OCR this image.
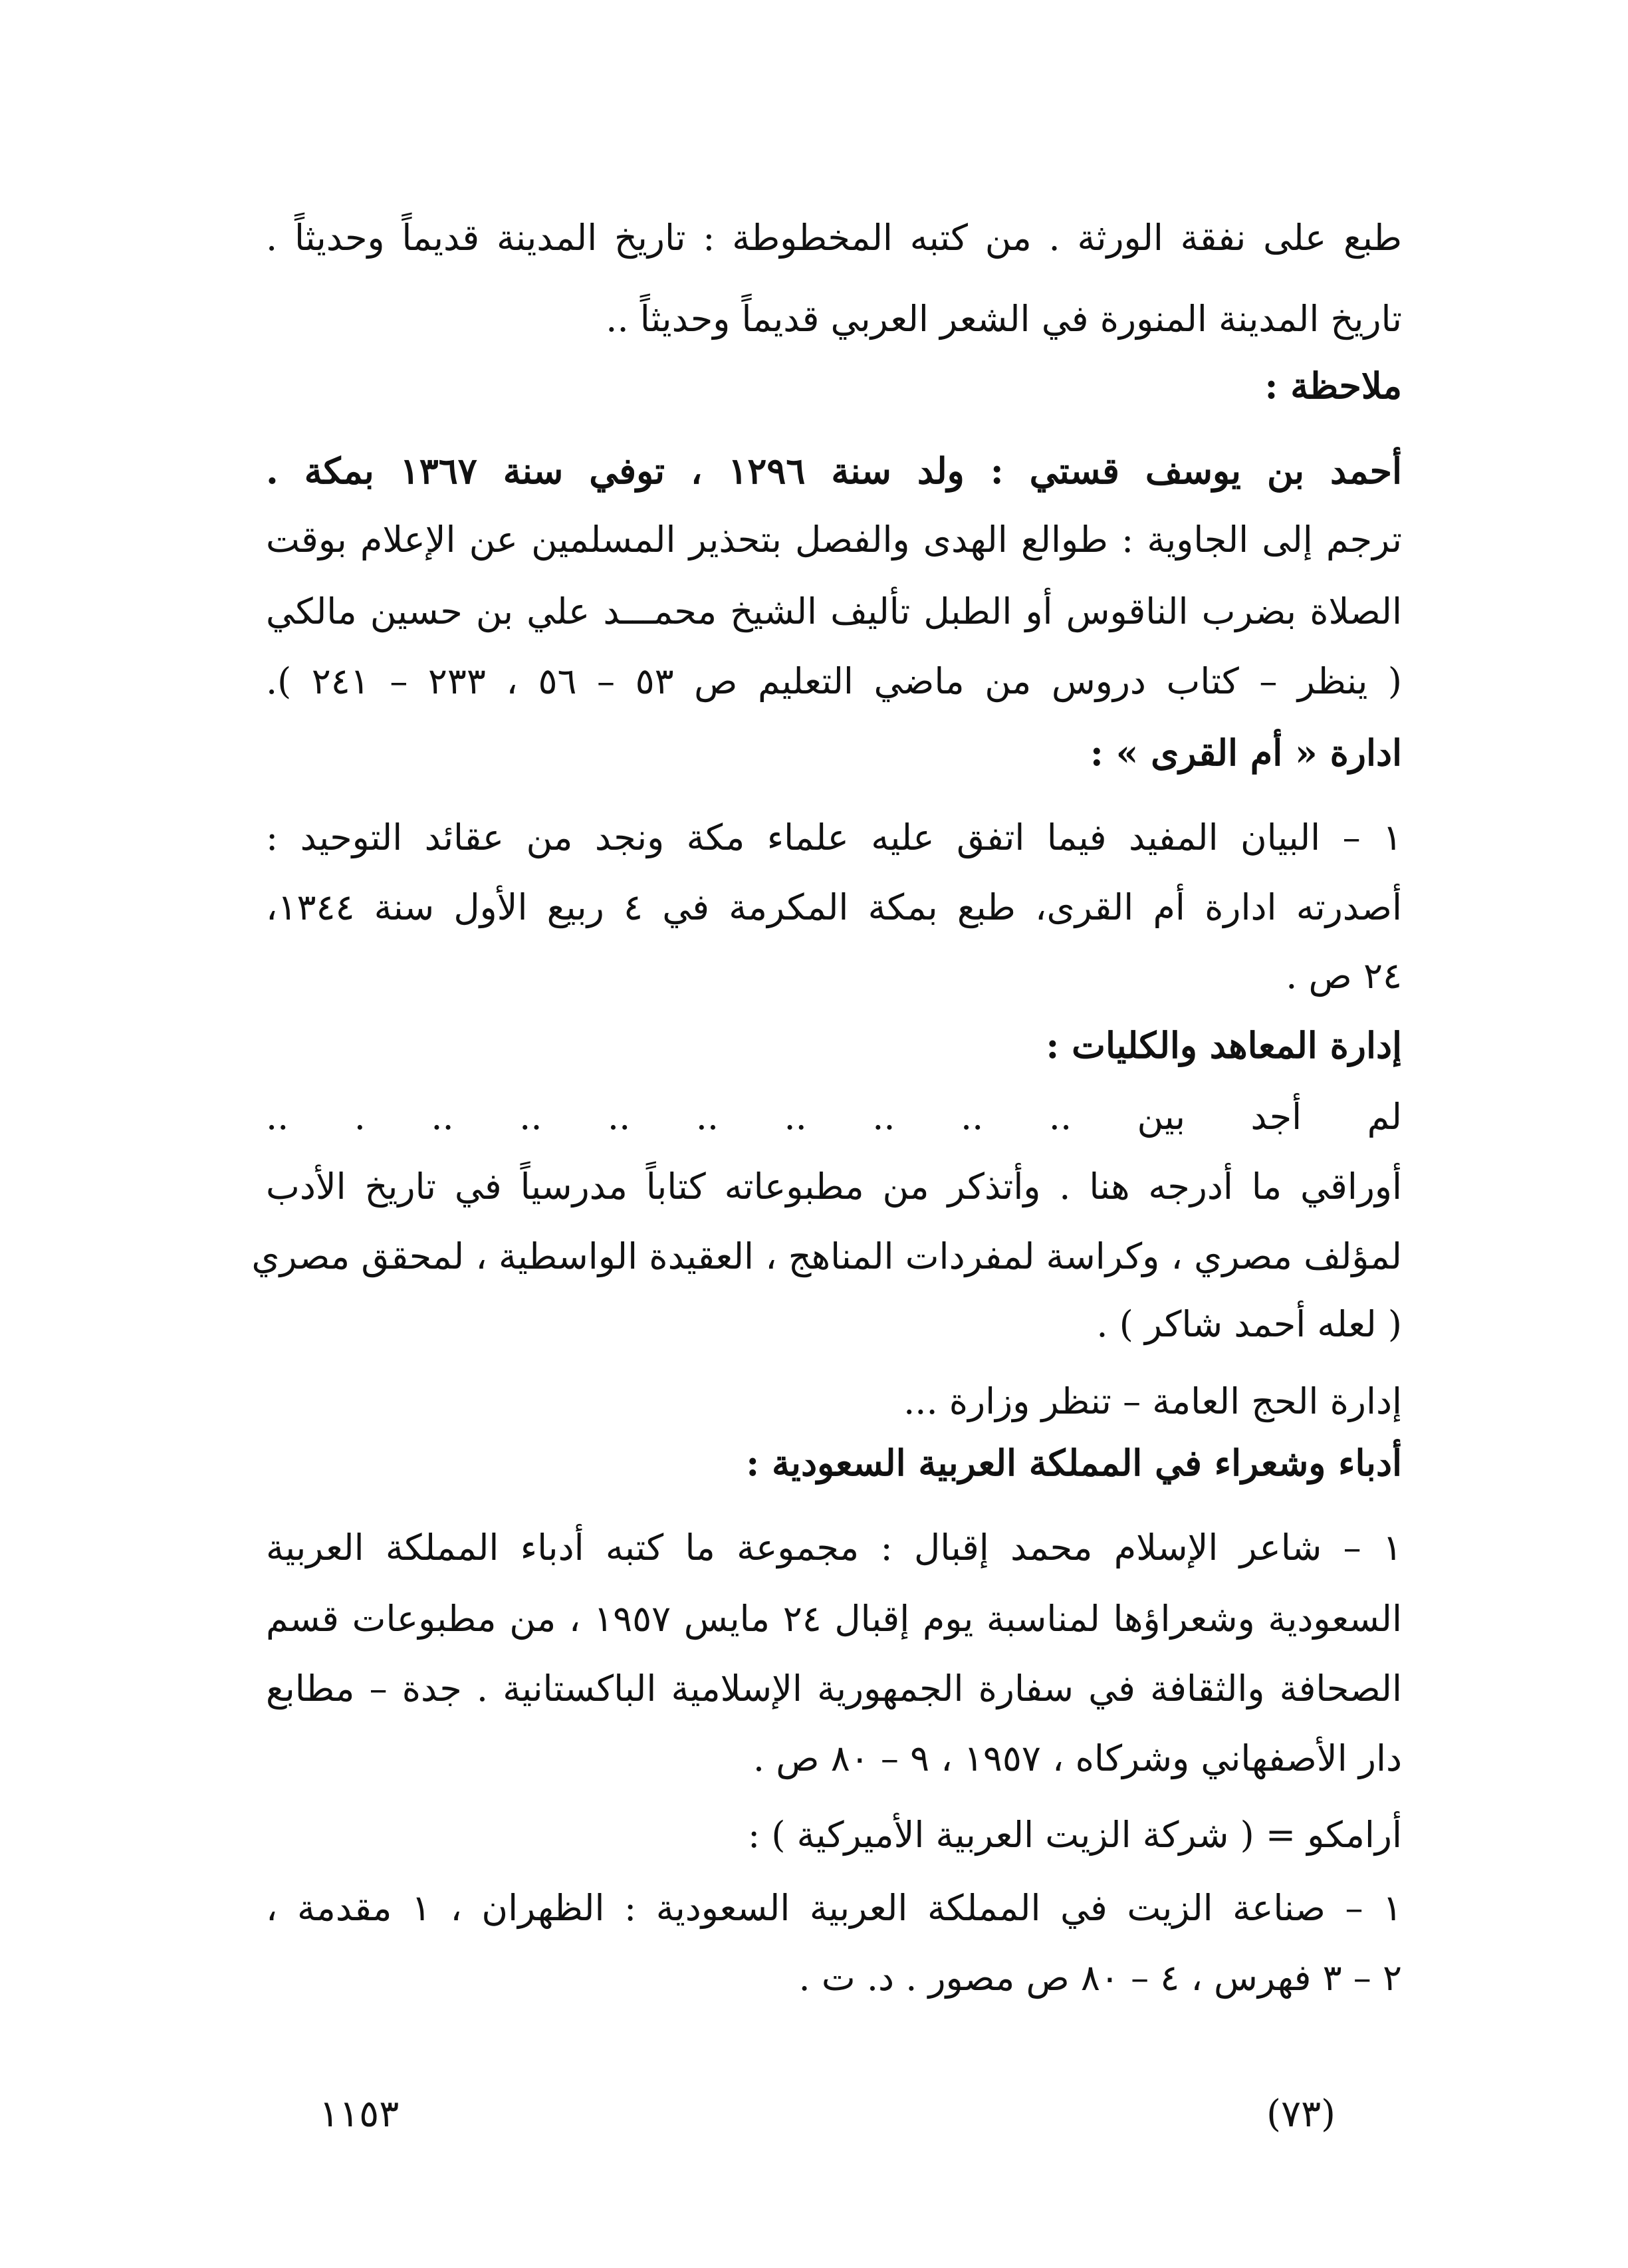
طبع على نفقة الورثة . من كتبه المخطوطة : تاريخ المدينة قديماً وحديثاً .
تاريخ المدينة المنورة في الشعر العربي قديماً وحديثاً ..
ملاحظة :
أحمد بن يوسف قستي : ولد سنة ١٢٩٦ ، توفي سنة ١٣٦٧ بمكة .
ترجم إلى الجاوية : طوالع الهدى والفصل بتحذير المسلمين عن الإعلام بوقت
الصلاة بضرب الناقوس أو الطبل تأليف الشيخ محمـــد علي بن حسين مالكي
( ينظر – كتاب دروس من ماضي التعليم ص ٥٣ – ٥٦ ، ٢٣٣ – ٢٤١ ).
ادارة « أم القرى » :
١ – البيان المفيد فيما اتفق عليه علماء مكة ونجد من عقائد التوحيد :
أصدرته ادارة أم القرى، طبع بمكة المكرمة في ٤ ربيع الأول سنة ١٣٤٤،
٢٤ ص .
إدارة المعاهد والكليات :
لم أجد بين .. .. .. .. .. .. .. .. . ..
أوراقي ما أدرجه هنا . وأتذكر من مطبوعاته كتاباً مدرسياً في تاريخ الأدب
لمؤلف مصري ، وكراسة لمفردات المناهج ، العقيدة الواسطية ، لمحقق مصري
( لعله أحمد شاكر ) .
إدارة الحج العامة – تنظر وزارة ...
أدباء وشعراء في المملكة العربية السعودية :
١ – شاعر الإسلام محمد إقبال : مجموعة ما كتبه أدباء المملكة العربية
السعودية وشعراؤها لمناسبة يوم إقبال ٢٤ مايس ١٩٥٧ ، من مطبوعات قسم
الصحافة والثقافة في سفارة الجمهورية الإسلامية الباكستانية . جدة – مطابع
دار الأصفهاني وشركاه ، ١٩٥٧ ، ٩ – ٨٠ ص .
أرامكو = ( شركة الزيت العربية الأميركية ) :
١ – صناعة الزيت في المملكة العربية السعودية : الظهران ، ١ مقدمة ،
٢ – ٣ فهرس ، ٤ – ٨٠ ص مصور . د. ت .
(٧٣)
١١٥٣
